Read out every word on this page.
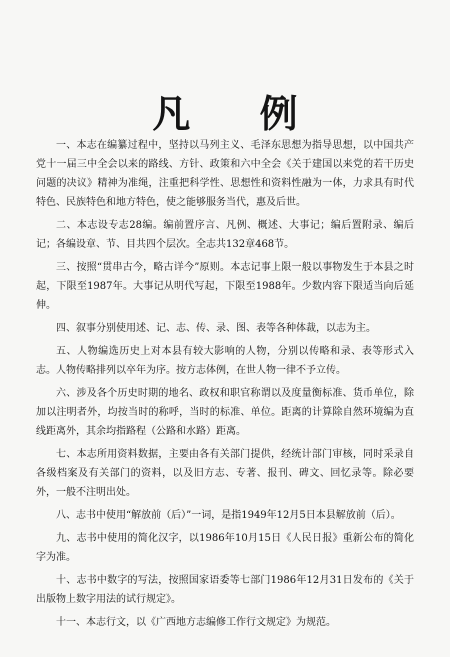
凡 例

一、本志在编纂过程中，坚持以马列主义、毛泽东思想为指导思想，以中国共产党十一届三中全会以来的路线、方针、政策和六中全会《关于建国以来党的若干历史问题的决议》精神为准绳，注重把科学性、思想性和资料性融为一体，力求具有时代特色、民族特色和地方特色，使之能够服务当代，惠及后世。

二、本志设专志28编。编前置序言、凡例、概述、大事记；编后置附录、编后记；各编设章、节、目共四个层次。全志共132章468节。

三、按照“贯串古今，略古详今”原则。本志记事上限一般以事物发生于本县之时起，下限至1987年。大事记从明代写起，下限至1988年。少数内容下限适当向后延伸。

四、叙事分别使用述、记、志、传、录、图、表等各种体裁，以志为主。

五、人物编选历史上对本县有较大影响的人物，分别以传略和录、表等形式入志。人物传略排列以卒年为序。按方志体例，在世人物一律不予立传。

六、涉及各个历史时期的地名、政权和职官称谓以及度量衡标准、货币单位，除加以注明者外，均按当时的称呼，当时的标准、单位。距离的计算除自然环境编为直线距离外，其余均指路程（公路和水路）距离。

七、本志所用资料数据，主要由各有关部门提供，经统计部门审核，同时采录自各级档案及有关部门的资料，以及旧方志、专著、报刊、碑文、回忆录等。除必要外，一般不注明出处。

八、志书中使用“解放前（后）”一词，是指1949年12月5日本县解放前（后）。

九、志书中使用的简化汉字，以1986年10月15日《人民日报》重新公布的简化字为准。

十、志书中数字的写法，按照国家语委等七部门1986年12月31日发布的《关于出版物上数字用法的试行规定》。

十一、本志行文，以《广西地方志编修工作行文规定》为规范。
